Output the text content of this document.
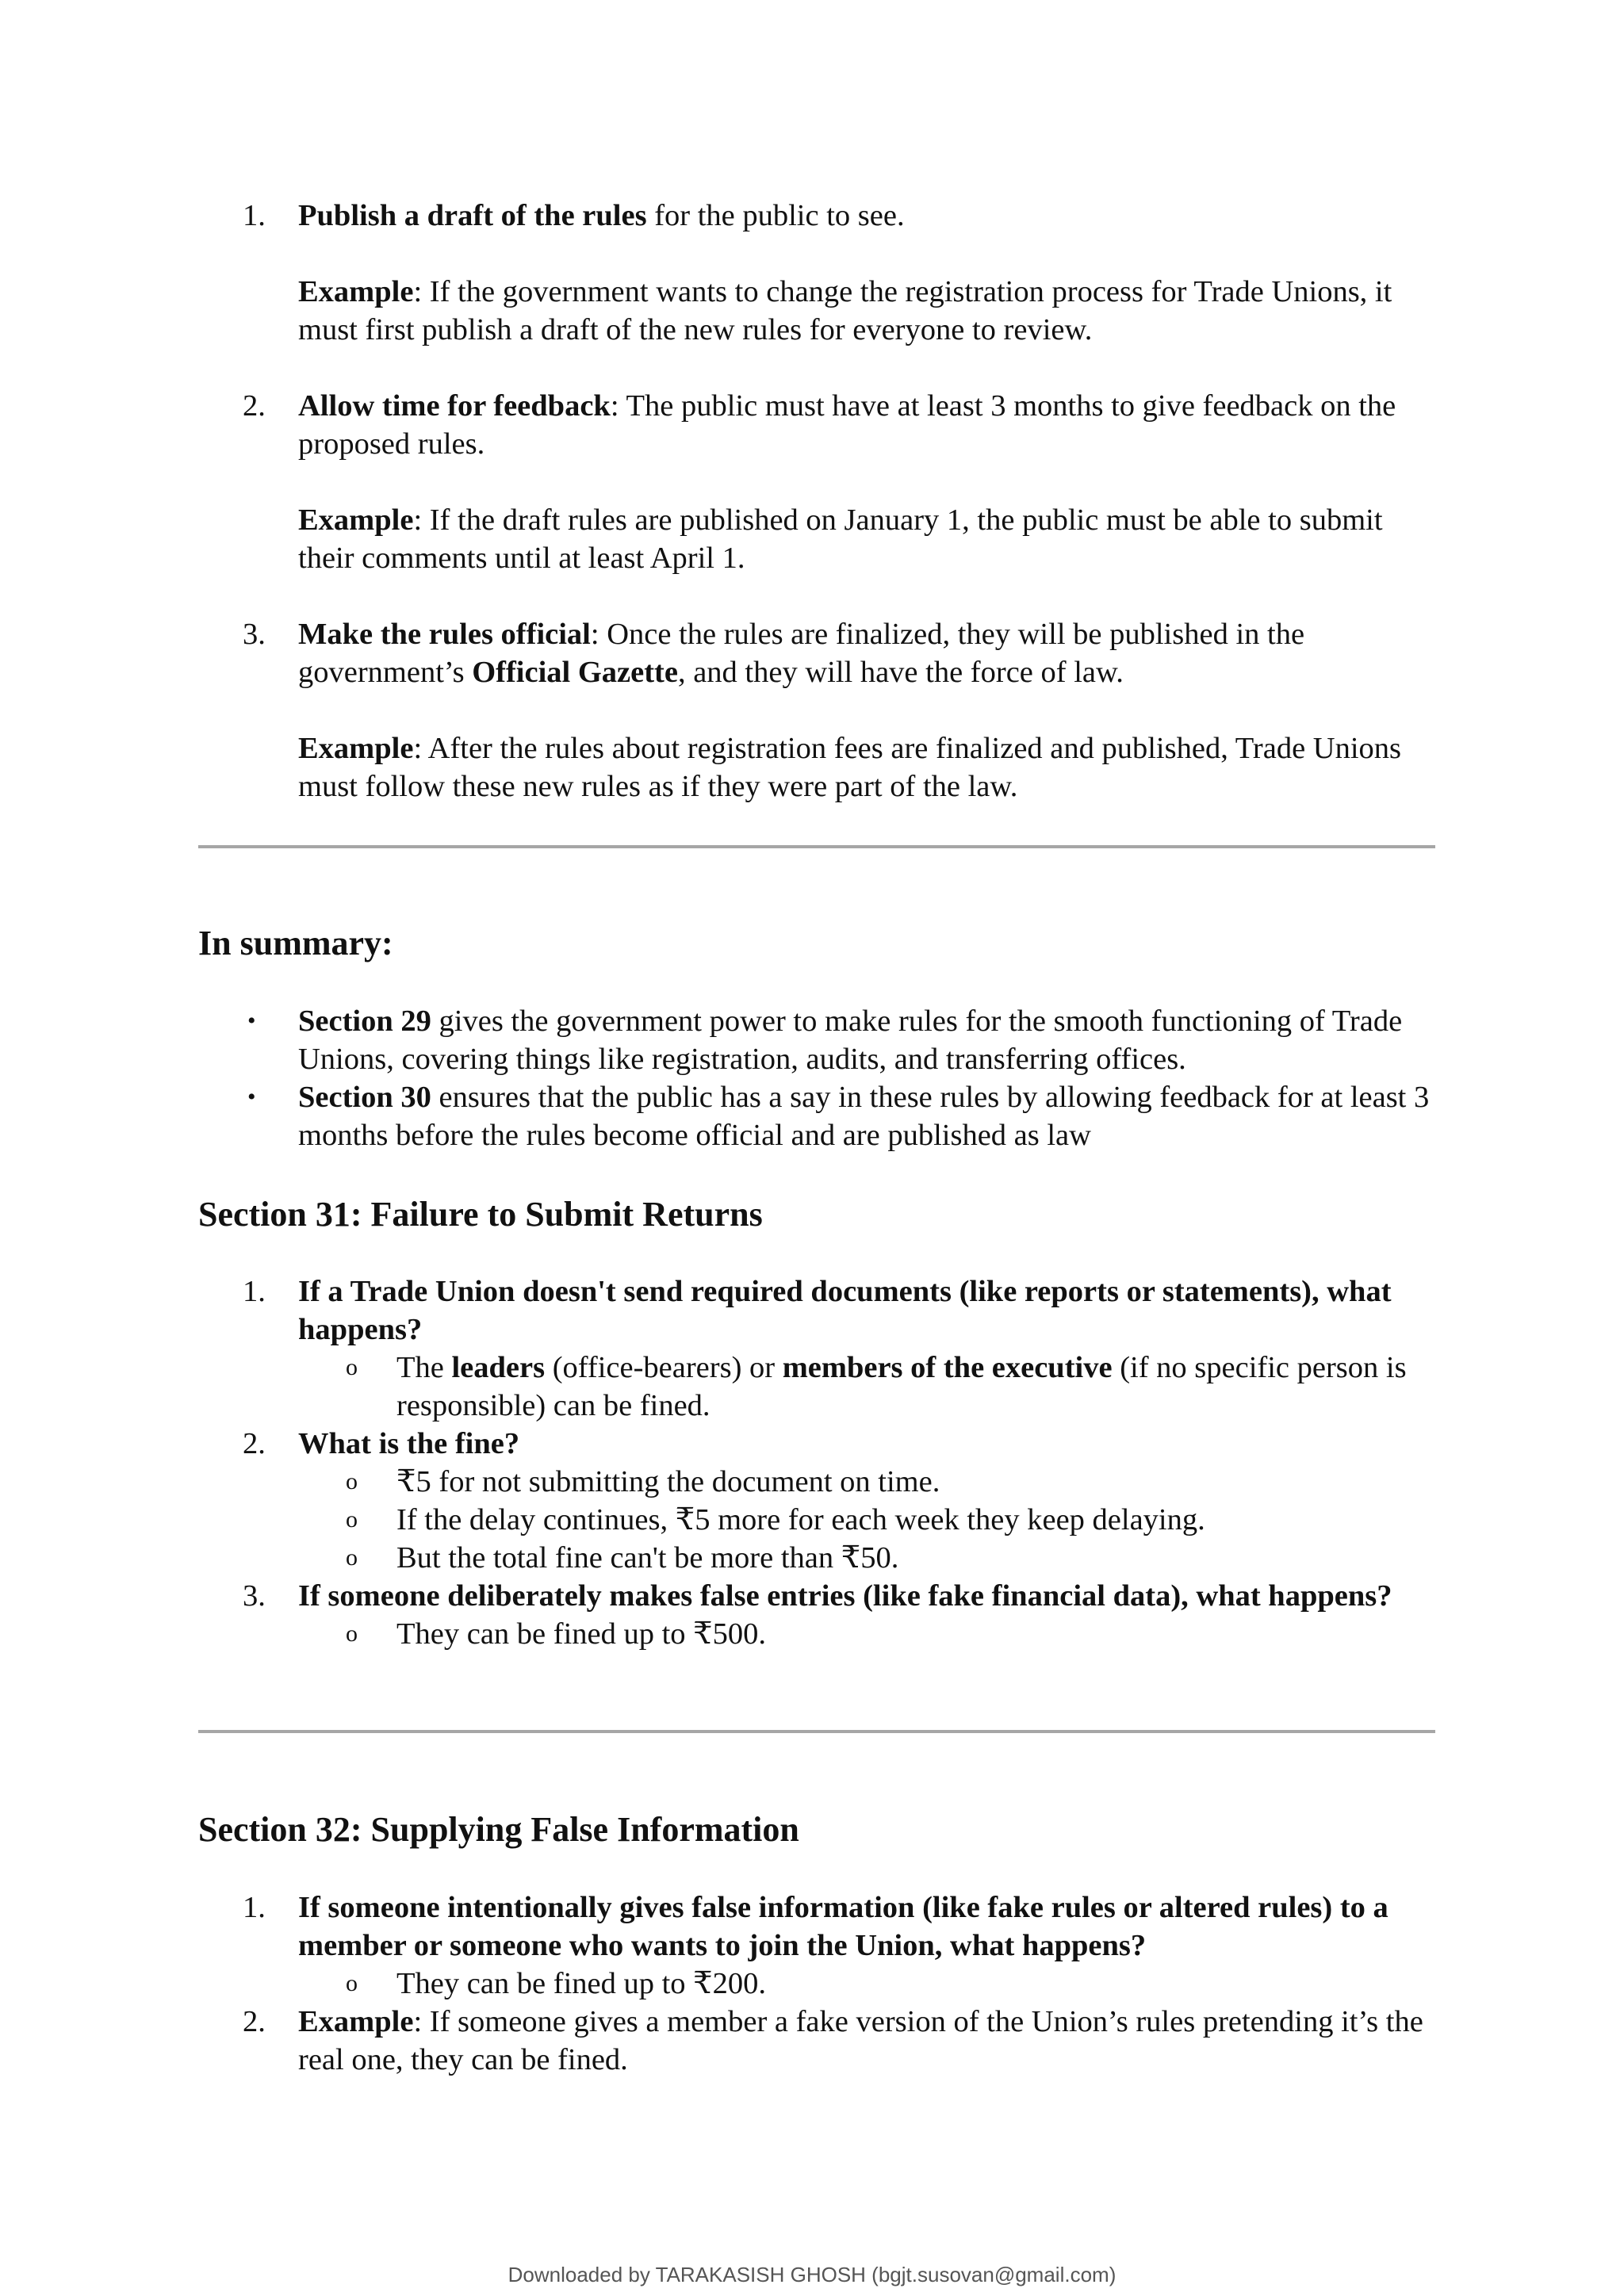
1. Publish a draft of the rules for the public to see.

Example: If the government wants to change the registration process for Trade Unions, it must first publish a draft of the new rules for everyone to review.

2. Allow time for feedback: The public must have at least 3 months to give feedback on the proposed rules.

Example: If the draft rules are published on January 1, the public must be able to submit their comments until at least April 1.

3. Make the rules official: Once the rules are finalized, they will be published in the government’s Official Gazette, and they will have the force of law.

Example: After the rules about registration fees are finalized and published, Trade Unions must follow these new rules as if they were part of the law.

In summary:
• Section 29 gives the government power to make rules for the smooth functioning of Trade Unions, covering things like registration, audits, and transferring offices.
• Section 30 ensures that the public has a say in these rules by allowing feedback for at least 3 months before the rules become official and are published as law
Section 31: Failure to Submit Returns
1. If a Trade Union doesn't send required documents (like reports or statements), what happens?
o The leaders (office-bearers) or members of the executive (if no specific person is responsible) can be fined.
2. What is the fine?
o ₹5 for not submitting the document on time.
o If the delay continues, ₹5 more for each week they keep delaying.
o But the total fine can't be more than ₹50.
3. If someone deliberately makes false entries (like fake financial data), what happens?
o They can be fined up to ₹500.
Section 32: Supplying False Information
1. If someone intentionally gives false information (like fake rules or altered rules) to a member or someone who wants to join the Union, what happens?
o They can be fined up to ₹200.
2. Example: If someone gives a member a fake version of the Union’s rules pretending it’s the real one, they can be fined.
Downloaded by TARAKASISH GHOSH (bgjt.susovan@gmail.com)
